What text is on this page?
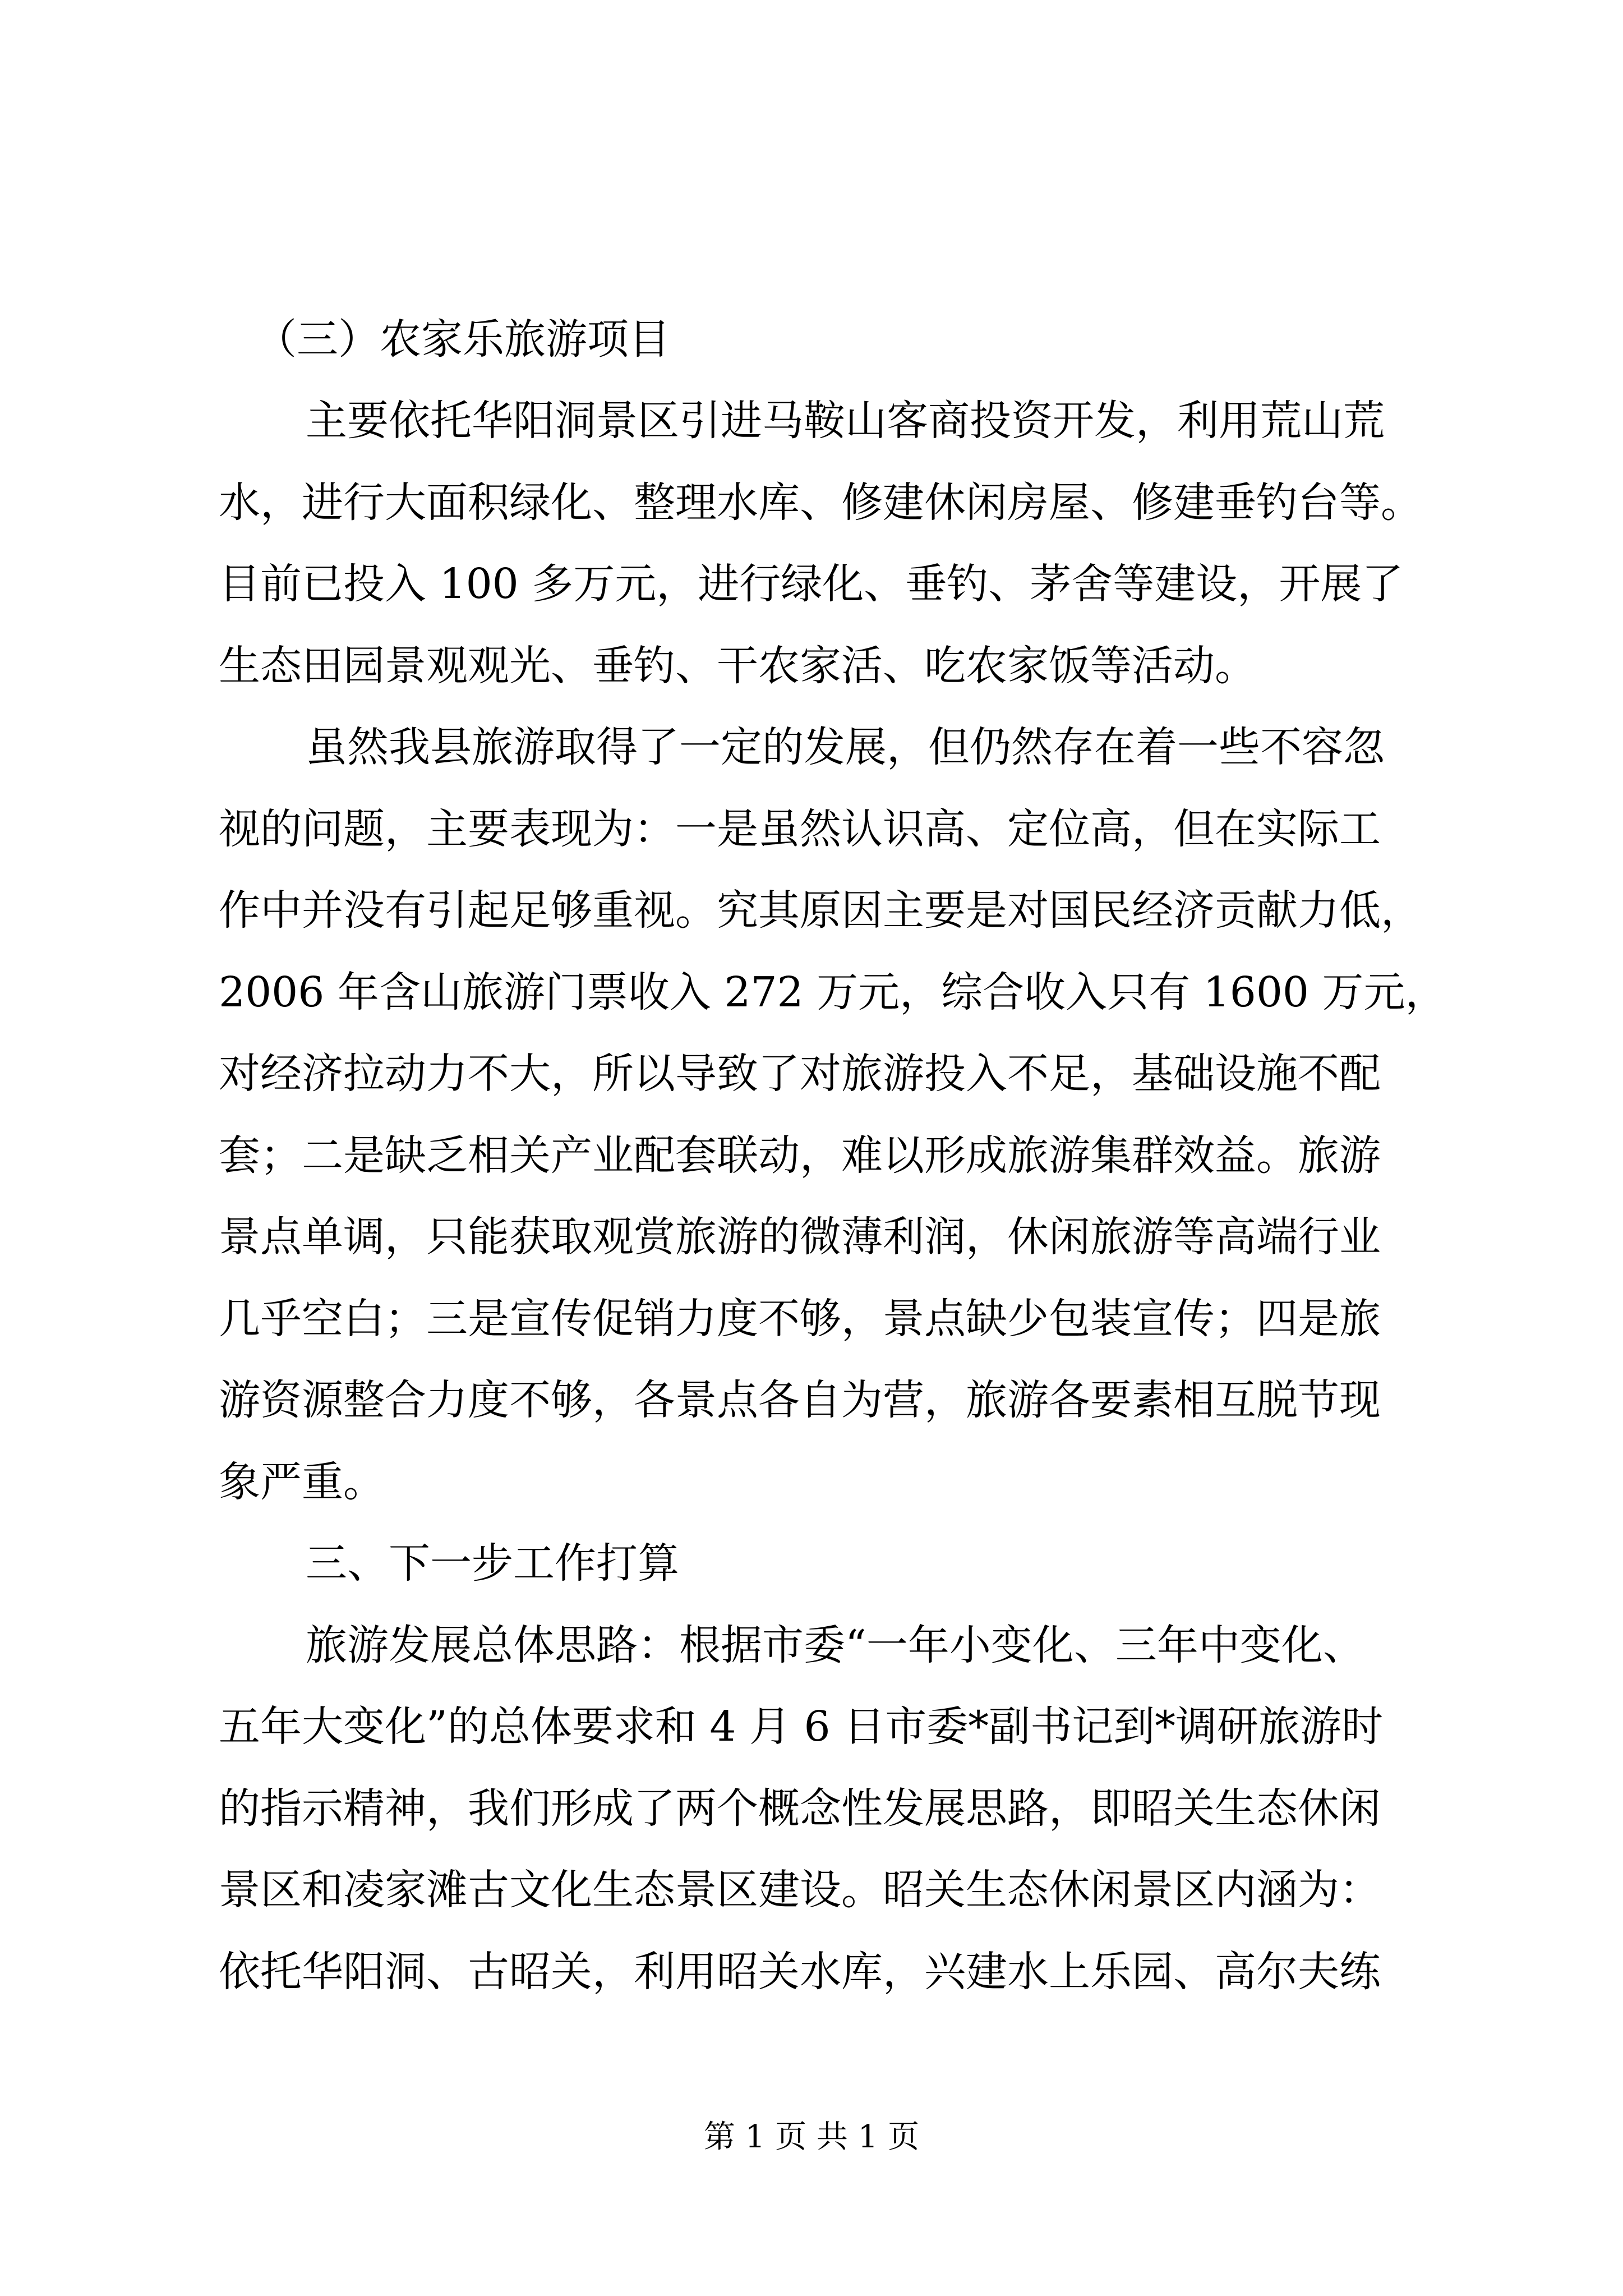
（三）农家乐旅游项目
主要依托华阳洞景区引进马鞍山客商投资开发，利用荒山荒
水，进行大面积绿化、整理水库、修建休闲房屋、修建垂钓台等。
目前已投入 100 多万元，进行绿化、垂钓、茅舍等建设，开展了
生态田园景观观光、垂钓、干农家活、吃农家饭等活动。
虽然我县旅游取得了一定的发展，但仍然存在着一些不容忽
视的问题，主要表现为：一是虽然认识高、定位高，但在实际工
作中并没有引起足够重视。究其原因主要是对国民经济贡献力低，
2006 年含山旅游门票收入 272 万元，综合收入只有 1600 万元，
对经济拉动力不大，所以导致了对旅游投入不足，基础设施不配
套；二是缺乏相关产业配套联动，难以形成旅游集群效益。旅游
景点单调，只能获取观赏旅游的微薄利润，休闲旅游等高端行业
几乎空白；三是宣传促销力度不够，景点缺少包装宣传；四是旅
游资源整合力度不够，各景点各自为营，旅游各要素相互脱节现
象严重。
三、下一步工作打算
旅游发展总体思路：根据市委“一年小变化、三年中变化、
五年大变化”的总体要求和 4 月 6 日市委*副书记到*调研旅游时
的指示精神，我们形成了两个概念性发展思路，即昭关生态休闲
景区和凌家滩古文化生态景区建设。昭关生态休闲景区内涵为：
依托华阳洞、古昭关，利用昭关水库，兴建水上乐园、高尔夫练
第 1 页 共 1 页
